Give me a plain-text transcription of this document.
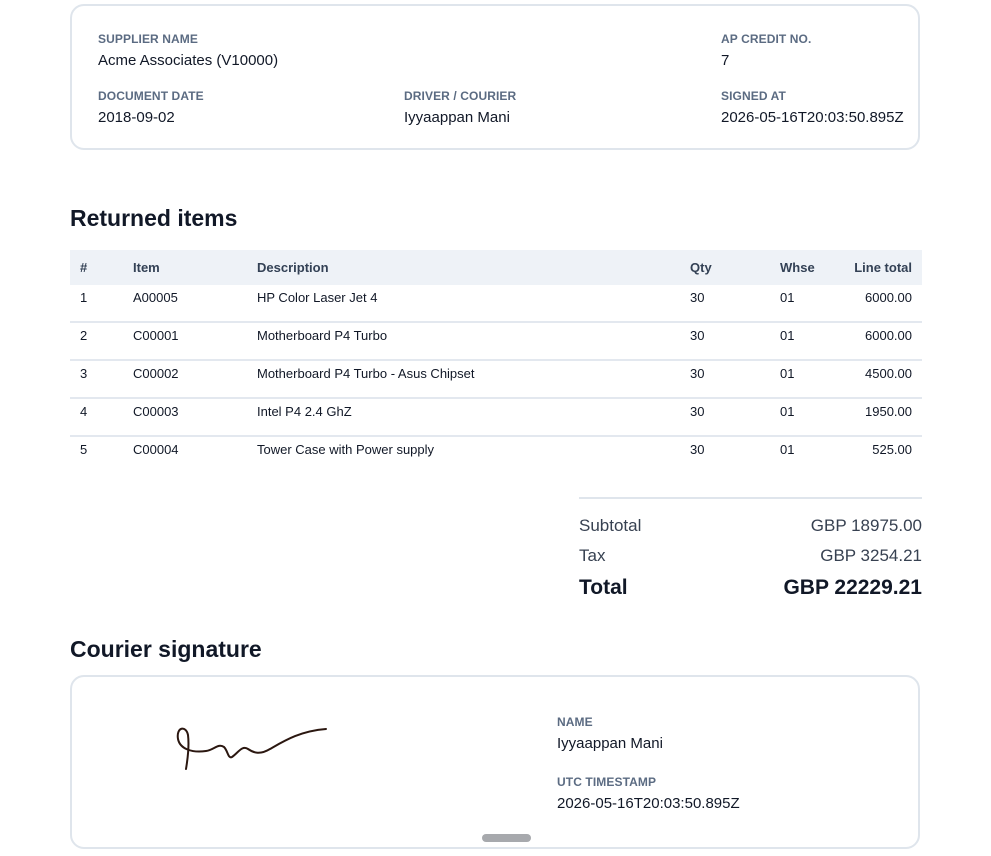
SUPPLIER NAME
Acme Associates (V10000)
AP CREDIT NO.
7
DOCUMENT DATE
2018-09-02
DRIVER / COURIER
Iyyaappan Mani
SIGNED AT
2026-05-16T20:03:50.895Z
Returned items
#	Item	Description	Qty	Whse	Line total

1	A00005	HP Color Laser Jet 4	30	01	6000.00

2	C00001	Motherboard P4 Turbo	30	01	6000.00

3	C00002	Motherboard P4 Turbo - Asus Chipset	30	01	4500.00

4	C00003	Intel P4 2.4 GhZ	30	01	1950.00

5	C00004	Tower Case with Power supply	30	01	525.00
Subtotal	GBP 18975.00
Tax	GBP 3254.21
Total	GBP 22229.21
Courier signature
NAME
Iyyaappan Mani
UTC TIMESTAMP
2026-05-16T20:03:50.895Z
